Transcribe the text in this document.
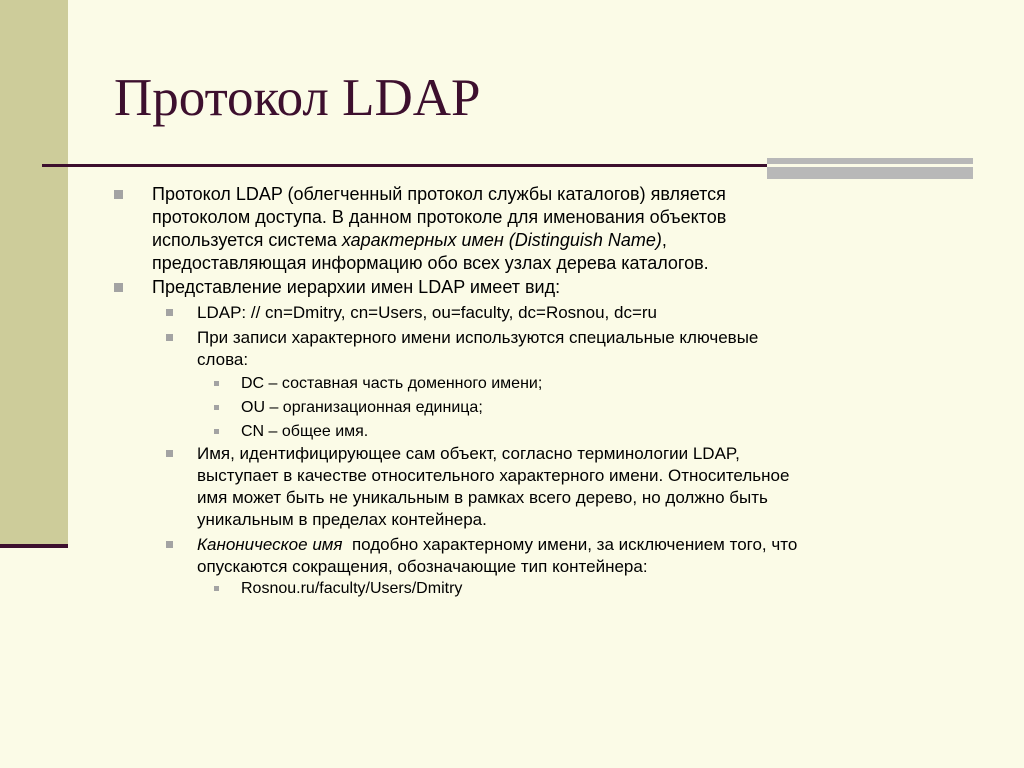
Протокол LDAP
Протокол LDAP (облегченный протокол службы каталогов) является
протоколом доступа. В данном протоколе для именования объектов
используется система характерных имен (Distinguish Name),
предоставляющая информацию обо всех узлах дерева каталогов.
Представление иерархии имен LDAP имеет вид:
LDAP: // cn=Dmitry, cn=Users, ou=faculty, dc=Rosnou, dc=ru
При записи характерного имени используются специальные ключевые
слова:
DC – составная часть доменного имени;
OU – организационная единица;
CN – общее имя.
Имя, идентифицирующее сам объект, согласно терминологии LDAP,
выступает в качестве относительного характерного имени. Относительное
имя может быть не уникальным в рамках всего дерево, но должно быть
уникальным в пределах контейнера.
Каноническое имя  подобно характерному имени, за исключением того, что
опускаются сокращения, обозначающие тип контейнера:
Rosnou.ru/faculty/Users/Dmitry
